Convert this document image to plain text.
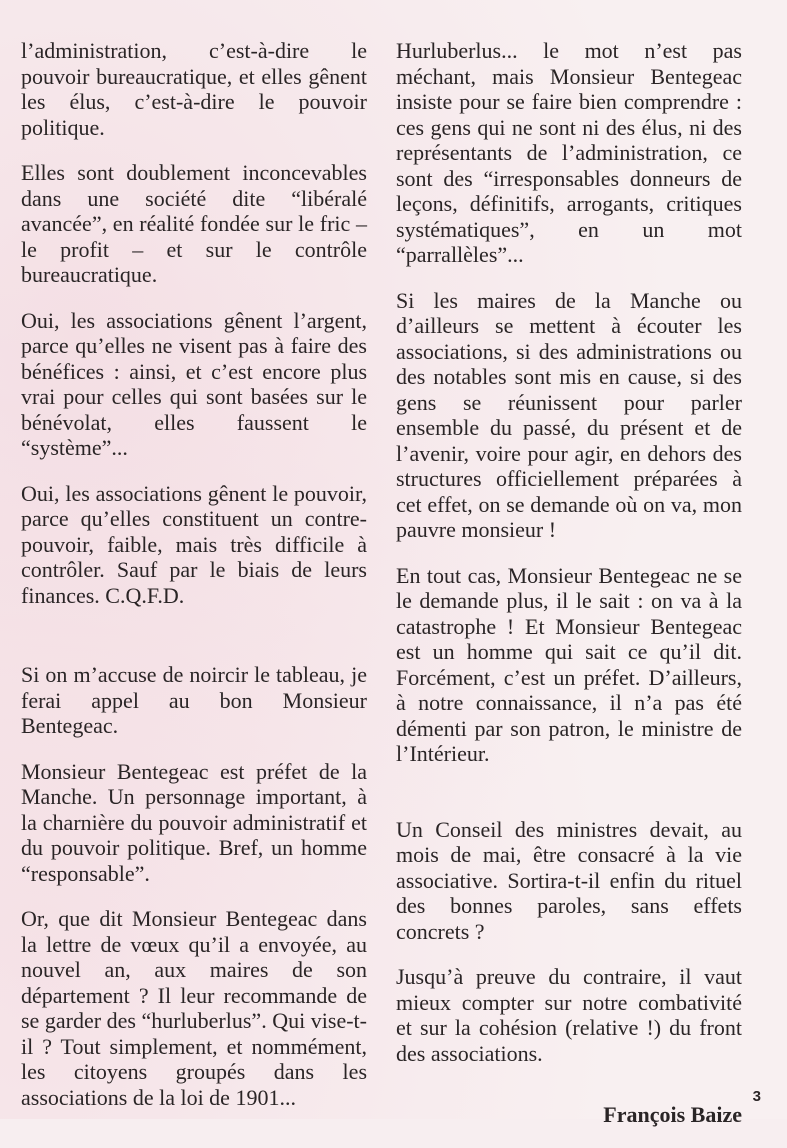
l’administration, c’est-à-dire le pouvoir bureaucratique, et elles gênent les élus, c’est-à-dire le pouvoir politique.

Elles sont doublement inconcevables dans une société dite “libéralé avancée”, en réalité fondée sur le fric – le profit – et sur le contrôle bureaucratique.

Oui, les associations gênent l’argent, parce qu’elles ne visent pas à faire des bénéfices : ainsi, et c’est encore plus vrai pour celles qui sont basées sur le bénévolat, elles faussent le “système”...

Oui, les associations gênent le pouvoir, parce qu’elles constituent un contre-pouvoir, faible, mais très difficile à contrôler. Sauf par le biais de leurs finances. C.Q.F.D.

Si on m’accuse de noircir le tableau, je ferai appel au bon Monsieur Bentegeac.

Monsieur Bentegeac est préfet de la Manche. Un personnage important, à la charnière du pouvoir administratif et du pouvoir politique. Bref, un homme “responsable”.

Or, que dit Monsieur Bentegeac dans la lettre de vœux qu’il a envoyée, au nouvel an, aux maires de son département ? Il leur recommande de se garder des “hurluberlus”. Qui vise-t-il ? Tout simplement, et nommément, les citoyens groupés dans les associations de la loi de 1901...

Hurluberlus... le mot n’est pas méchant, mais Monsieur Bentegeac insiste pour se faire bien comprendre : ces gens qui ne sont ni des élus, ni des représentants de l’administration, ce sont des “irresponsables donneurs de leçons, définitifs, arrogants, critiques systématiques”, en un mot “parrallèles”...

Si les maires de la Manche ou d’ailleurs se mettent à écouter les associations, si des administrations ou des notables sont mis en cause, si des gens se réunissent pour parler ensemble du passé, du présent et de l’avenir, voire pour agir, en dehors des structures officiellement préparées à cet effet, on se demande où on va, mon pauvre monsieur !

En tout cas, Monsieur Bentegeac ne se le demande plus, il le sait : on va à la catastrophe ! Et Monsieur Bentegeac est un homme qui sait ce qu’il dit. Forcément, c’est un préfet. D’ailleurs, à notre connaissance, il n’a pas été démenti par son patron, le ministre de l’Intérieur.

Un Conseil des ministres devait, au mois de mai, être consacré à la vie associative. Sortira-t-il enfin du rituel des bonnes paroles, sans effets concrets ?

Jusqu’à preuve du contraire, il vaut mieux compter sur notre combativité et sur la cohésion (relative !) du front des associations.

François Baize

3
